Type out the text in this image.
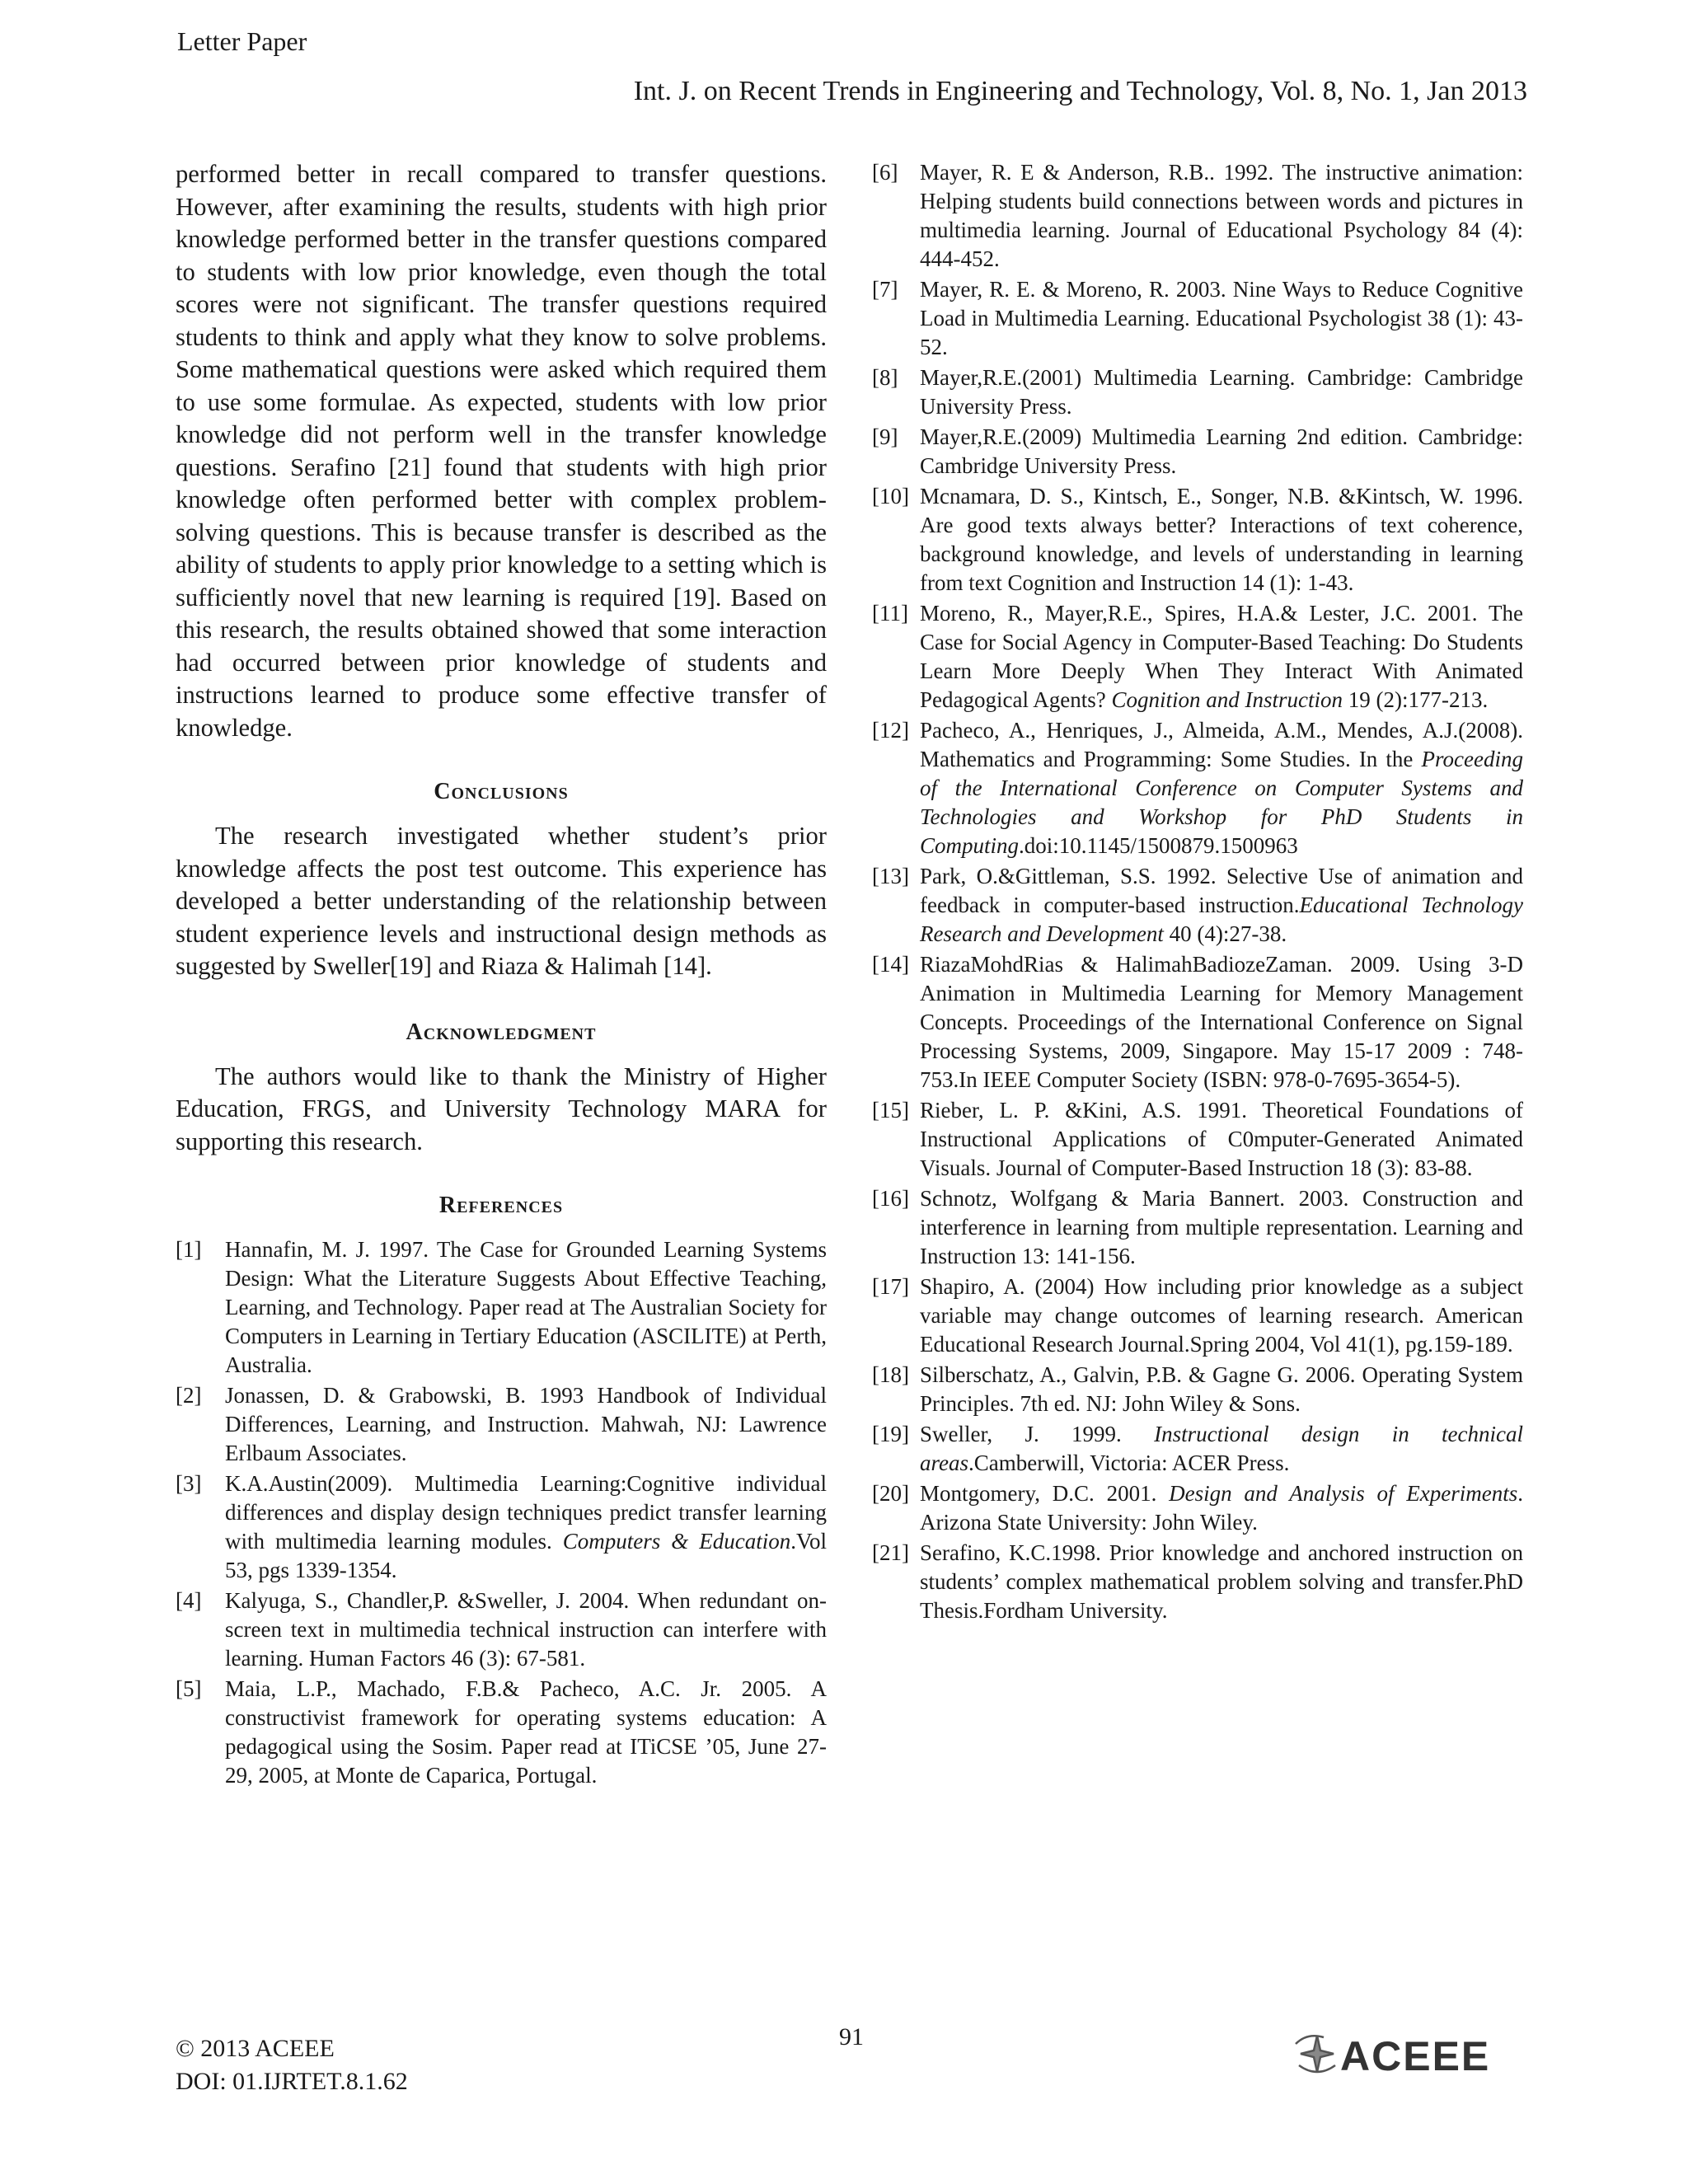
Letter Paper
Int. J. on Recent Trends in Engineering and Technology, Vol. 8, No. 1, Jan 2013

performed better in recall compared to transfer questions. However, after examining the results, students with high prior knowledge performed better in the transfer questions compared to students with low prior knowledge, even though the total scores were not significant. The transfer questions required students to think and apply what they know to solve problems. Some mathematical questions were asked which required them to use some formulae. As expected, students with low prior knowledge did not perform well in the transfer knowledge questions. Serafino [21] found that students with high prior knowledge often performed better with complex problem-solving questions. This is because transfer is described as the ability of students to apply prior knowledge to a setting which is sufficiently novel that new learning is required [19]. Based on this research, the results obtained showed that some interaction had occurred between prior knowledge of students and instructions learned to produce some effective transfer of knowledge.

Conclusions

The research investigated whether student’s prior knowledge affects the post test outcome. This experience has developed a better understanding of the relationship between student experience levels and instructional design methods as suggested by Sweller[19] and Riaza & Halimah [14].

Acknowledgment

The authors would like to thank the Ministry of Higher Education, FRGS, and University Technology MARA for supporting this research.

References
[1]	Hannafin, M. J. 1997. The Case for Grounded Learning Systems Design: What the Literature Suggests About Effective Teaching, Learning, and Technology. Paper read at The Australian Society for Computers in Learning in Tertiary Education (ASCILITE) at Perth, Australia.
[2]	Jonassen, D. & Grabowski, B. 1993 Handbook of Individual Differences, Learning, and Instruction. Mahwah, NJ: Lawrence Erlbaum Associates.
[3]	K.A.Austin(2009). Multimedia Learning:Cognitive individual differences and display design techniques predict transfer learning with multimedia learning modules. Computers & Education.Vol 53, pgs 1339-1354.
[4]	Kalyuga, S., Chandler,P. &Sweller, J. 2004. When redundant on-screen text in multimedia technical instruction can interfere with learning. Human Factors 46 (3): 67-581.
[5]	Maia, L.P., Machado, F.B.& Pacheco, A.C. Jr. 2005. A constructivist framework for operating systems education: A pedagogical using the Sosim. Paper read at ITiCSE ’05, June 27-29, 2005, at Monte de Caparica, Portugal.
[6] Mayer, R. E & Anderson, R.B.. 1992. The instructive animation: Helping students build connections between words and pictures in multimedia learning. Journal of Educational Psychology 84 (4): 444-452.
[7] Mayer, R. E. & Moreno, R. 2003. Nine Ways to Reduce Cognitive Load in Multimedia Learning. Educational Psychologist 38 (1): 43-52.
[8] Mayer,R.E.(2001) Multimedia Learning. Cambridge: Cambridge University Press.
[9] Mayer,R.E.(2009) Multimedia Learning 2nd edition. Cambridge: Cambridge University Press.
[10] Mcnamara, D. S., Kintsch, E., Songer, N.B. &Kintsch, W. 1996. Are good texts always better? Interactions of text coherence, background knowledge, and levels of understanding in learning from text Cognition and Instruction 14 (1): 1-43.
[11] Moreno, R., Mayer,R.E., Spires, H.A.& Lester, J.C. 2001. The Case for Social Agency in Computer-Based Teaching: Do Students Learn More Deeply When They Interact With Animated Pedagogical Agents? Cognition and Instruction 19 (2):177-213.
[12] Pacheco, A., Henriques, J., Almeida, A.M., Mendes, A.J.(2008). Mathematics and Programming: Some Studies. In the Proceeding of the International Conference on Computer Systems and Technologies and Workshop for PhD Students in Computing.doi:10.1145/1500879.1500963
[13] Park, O.&Gittleman, S.S. 1992. Selective Use of animation and feedback in computer-based instruction.Educational Technology Research and Development 40 (4):27-38.
[14] RiazaMohdRias & HalimahBadiozeZaman. 2009. Using 3-D Animation in Multimedia Learning for Memory Management Concepts. Proceedings of the International Conference on Signal Processing Systems, 2009, Singapore. May 15-17 2009 : 748-753.In IEEE Computer Society (ISBN: 978-0-7695-3654-5).
[15] Rieber, L. P. &Kini, A.S. 1991. Theoretical Foundations of Instructional Applications of C0mputer-Generated Animated Visuals. Journal of Computer-Based Instruction 18 (3): 83-88.
[16] Schnotz, Wolfgang & Maria Bannert. 2003. Construction and interference in learning from multiple representation. Learning and Instruction 13: 141-156.
[17] Shapiro, A. (2004) How including prior knowledge as a subject variable may change outcomes of learning research. American Educational Research Journal.Spring 2004, Vol 41(1), pg.159-189.
[18] Silberschatz, A., Galvin, P.B. & Gagne G. 2006. Operating System Principles. 7th ed. NJ: John Wiley & Sons.
[19] Sweller, J. 1999. Instructional design in technical areas.Camberwill, Victoria: ACER Press.
[20] Montgomery, D.C. 2001. Design and Analysis of Experiments. Arizona State University: John Wiley.
[21] Serafino, K.C.1998. Prior knowledge and anchored instruction on students’ complex mathematical problem solving and transfer.PhD Thesis.Fordham University.
© 2013 ACEEE
DOI: 01.IJRTET.8.1.62
91	ACEEE
